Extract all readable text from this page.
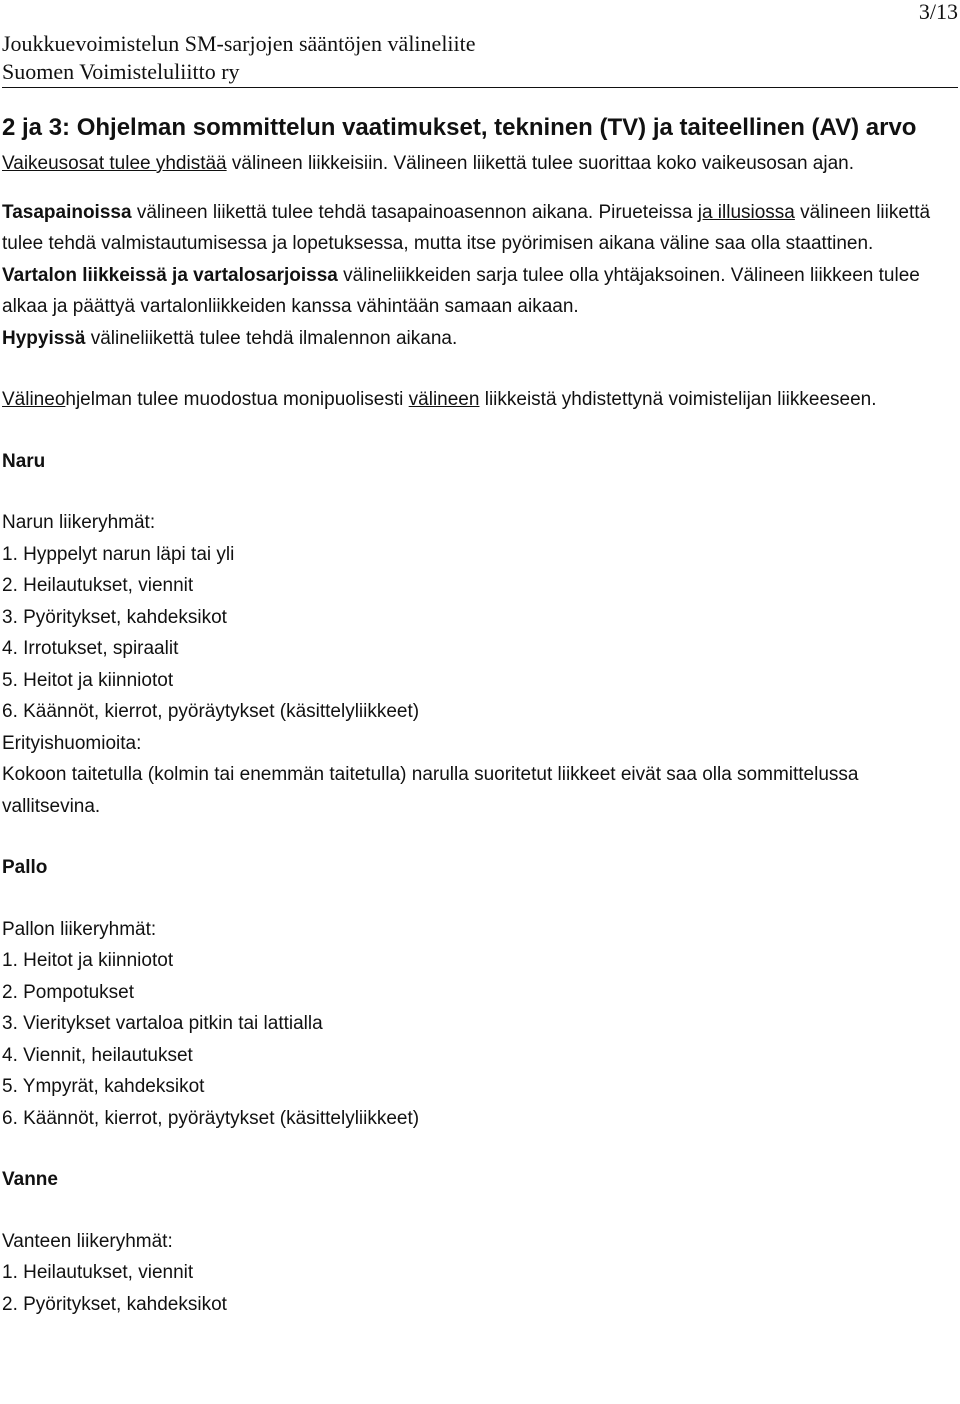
3/13
Joukkuevoimistelun SM-sarjojen sääntöjen välineliite
Suomen Voimisteluliitto ry
2 ja 3: Ohjelman sommittelun vaatimukset, tekninen (TV) ja taiteellinen (AV) arvo

Vaikeusosat tulee yhdistää välineen liikkeisiin. Välineen liikettä tulee suorittaa koko vaikeusosan ajan.

Tasapainoissa välineen liikettä tulee tehdä tasapainoasennon aikana. Pirueteissa ja illusiossa välineen liikettä tulee tehdä valmistautumisessa ja lopetuksessa, mutta itse pyörimisen aikana väline saa olla staattinen.

Vartalon liikkeissä ja vartalosarjoissa välineliikkeiden sarja tulee olla yhtäjaksoinen. Välineen liikkeen tulee alkaa ja päättyä vartalonliikkeiden kanssa vähintään samaan aikaan.

Hypyissä välineliikettä tulee tehdä ilmalennon aikana.

Välineohjelman tulee muodostua monipuolisesti välineen liikkeistä yhdistettynä voimistelijan liikkeeseen.

Naru

Narun liikeryhmät:

1. Hyppelyt narun läpi tai yli
2. Heilautukset, viennit
3. Pyöritykset, kahdeksikot
4. Irrotukset, spiraalit
5. Heitot ja kiinniotot
6. Käännöt, kierrot, pyöräytykset (käsittelyliikkeet)

Erityishuomioita:

Kokoon taitetulla (kolmin tai enemmän taitetulla) narulla suoritetut liikkeet eivät saa olla sommittelussa vallitsevina.

Pallo

Pallon liikeryhmät:

1. Heitot ja kiinniotot
2. Pompotukset
3. Vieritykset vartaloa pitkin tai lattialla
4. Viennit, heilautukset
5. Ympyrät, kahdeksikot
6. Käännöt, kierrot, pyöräytykset (käsittelyliikkeet)

Vanne

Vanteen liikeryhmät:

1. Heilautukset, viennit
2. Pyöritykset, kahdeksikot
